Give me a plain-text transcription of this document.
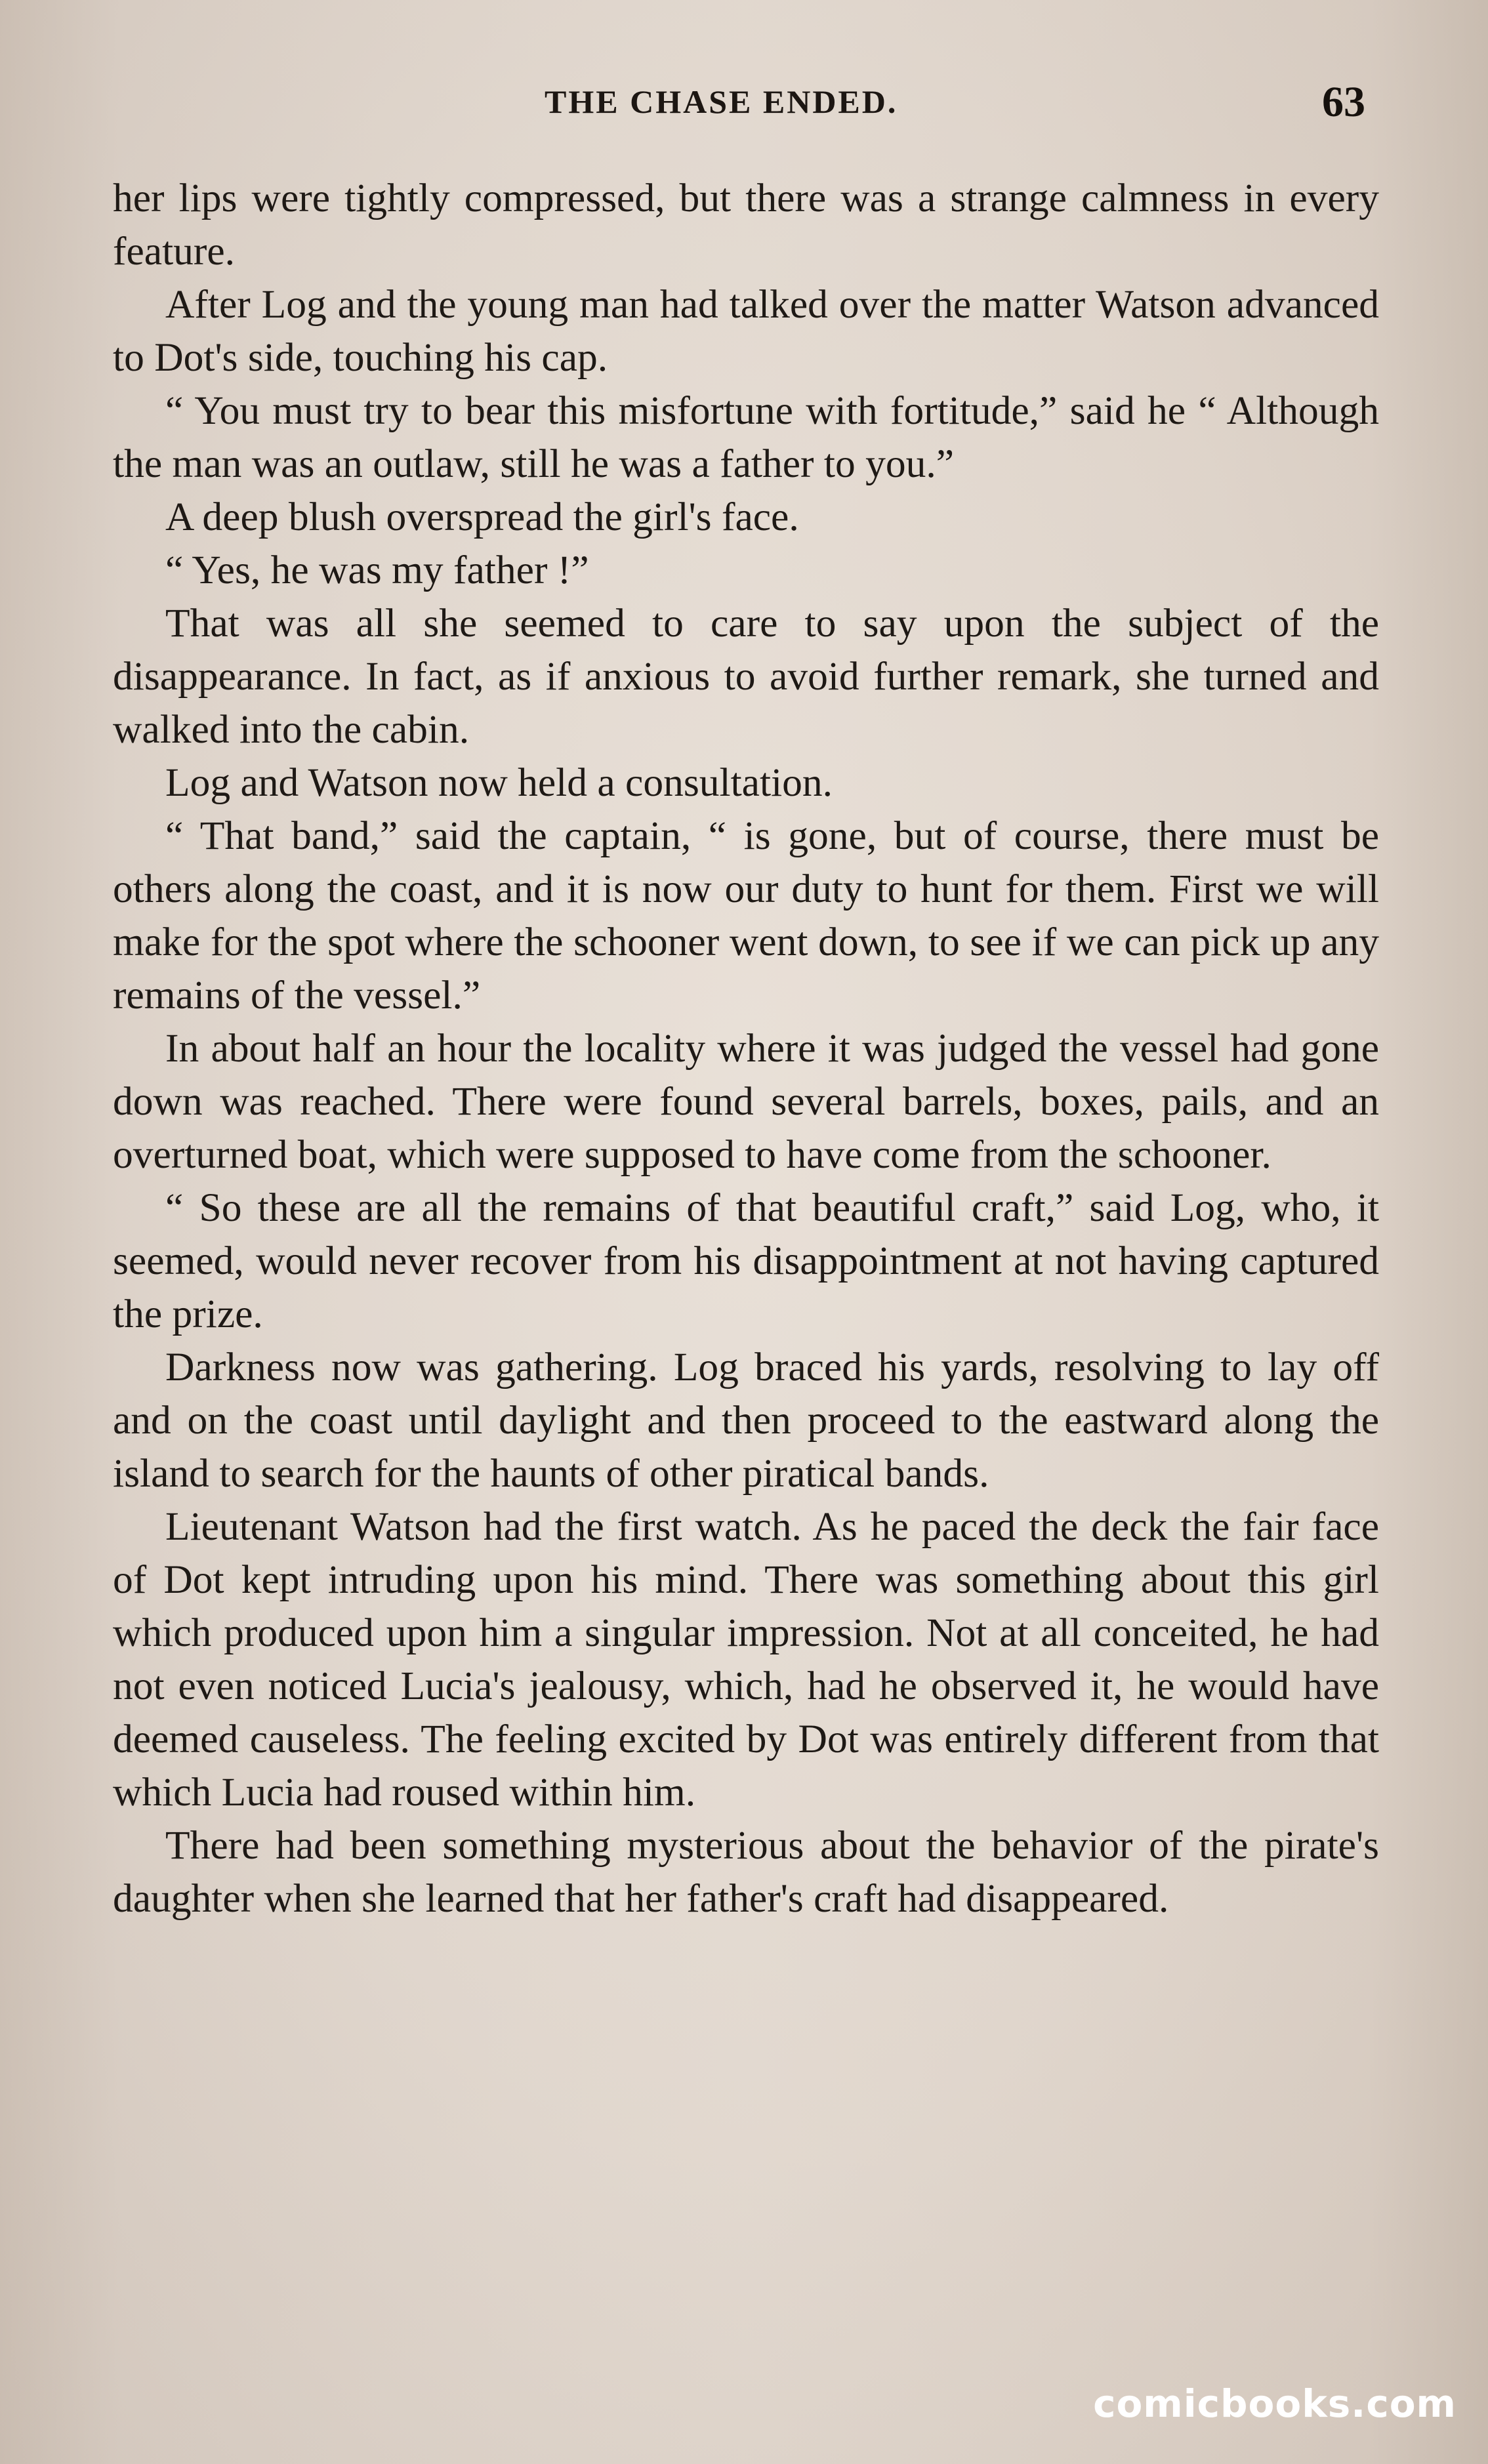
THE CHASE ENDED.	63

her lips were tightly compressed, but there was a strange calmness in every feature.

After Log and the young man had talked over the matter Watson advanced to Dot's side, touching his cap.

“ You must try to bear this misfortune with fortitude,” said he “ Although the man was an outlaw, still he was a father to you.”

A deep blush overspread the girl's face.

“ Yes, he was my father !”

That was all she seemed to care to say upon the subject of the disappearance. In fact, as if anxious to avoid further remark, she turned and walked into the cabin.

Log and Watson now held a consultation.

“ That band,” said the captain, “ is gone, but of course, there must be others along the coast, and it is now our duty to hunt for them. First we will make for the spot where the schooner went down, to see if we can pick up any remains of the vessel.”

In about half an hour the locality where it was judged the vessel had gone down was reached. There were found several barrels, boxes, pails, and an overturned boat, which were supposed to have come from the schooner.

“ So these are all the remains of that beautiful craft,” said Log, who, it seemed, would never recover from his disappointment at not having captured the prize.

Darkness now was gathering. Log braced his yards, resolving to lay off and on the coast until daylight and then proceed to the eastward along the island to search for the haunts of other piratical bands.

Lieutenant Watson had the first watch. As he paced the deck the fair face of Dot kept intruding upon his mind. There was something about this girl which produced upon him a singular impression. Not at all conceited, he had not even noticed Lucia's jealousy, which, had he observed it, he would have deemed causeless. The feeling excited by Dot was entirely different from that which Lucia had roused within him.

There had been something mysterious about the behavior of the pirate's daughter when she learned that her father's craft had disappeared.

comicbooks.com
